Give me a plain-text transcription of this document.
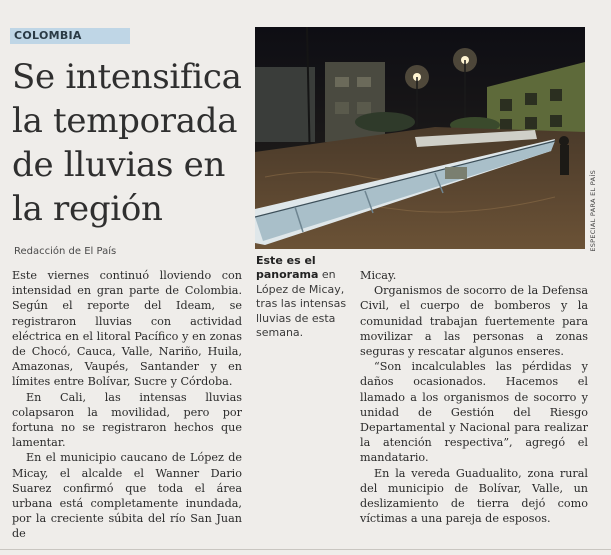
COLOMBIA
Se intensifica
la temporada
de lluvias en
la región
Redacción de El País

Este viernes continuó lloviendo con intensidad en gran parte de Colombia. Según el reporte del Ideam, se registraron lluvias con actividad eléctrica en el litoral Pacífico y en zonas de Chocó, Cauca, Valle, Nariño, Huila, Amazonas, Vaupés, Santander y en límites entre Bolívar, Sucre y Córdoba.

En Cali, las intensas lluvias colapsaron la movilidad, pero por fortuna no se registraron hechos que lamentar.

En el municipio caucano de López de Micay, el alcalde el Wanner Dario Suarez confirmó que toda el área urbana está completamente inundada, por la creciente súbita del río San Juan de

ESPECIAL PARA EL PAÍS
Este es el panorama en López de Micay, tras las intensas lluvias de esta semana.

Micay.

Organismos de socorro de la Defensa Civil, el cuerpo de bomberos y la comunidad trabajan fuertemente para movilizar a las personas a zonas seguras y rescatar algunos enseres.

“Son incalculables las pérdidas y daños ocasionados. Hacemos el llamado a los organismos de socorro y unidad de Gestión del Riesgo Departamental y Nacional para realizar la atención respectiva”, agregó el mandatario.

En la vereda Guadualito, zona rural del municipio de Bolívar, Valle, un deslizamiento de tierra dejó como víctimas a una pareja de esposos.
